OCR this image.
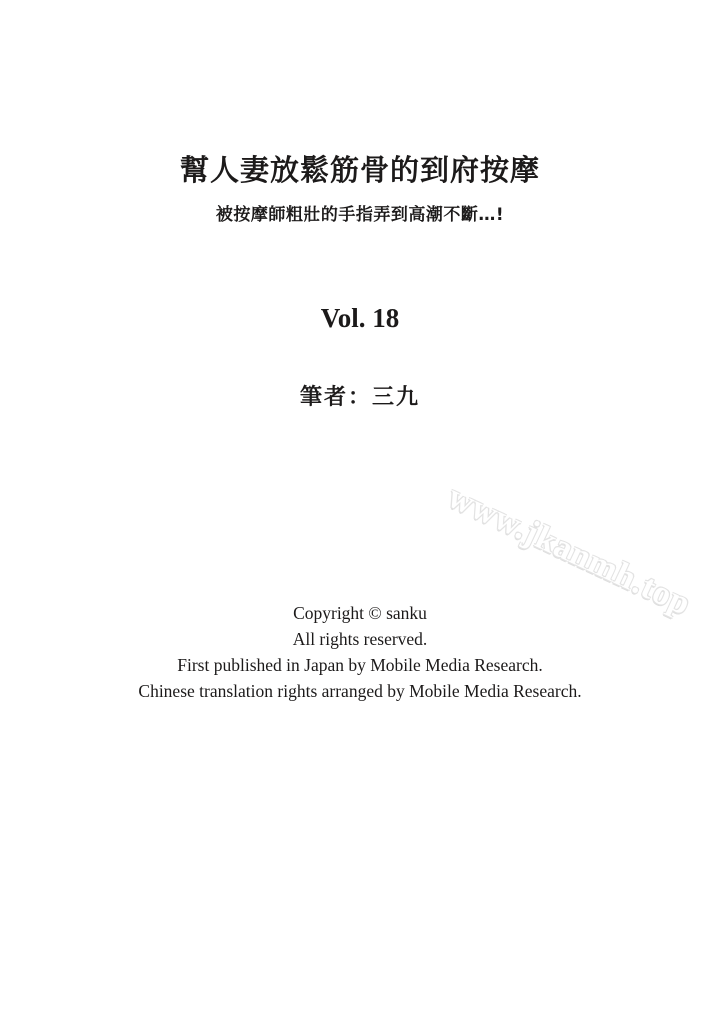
幫人妻放鬆筋骨的到府按摩
被按摩師粗壯的手指弄到高潮不斷…!
Vol. 18
筆者：三九
www.jkanmh.top
Copyright © sanku
All rights reserved.
First published in Japan by Mobile Media Research.
Chinese translation rights arranged by Mobile Media Research.
